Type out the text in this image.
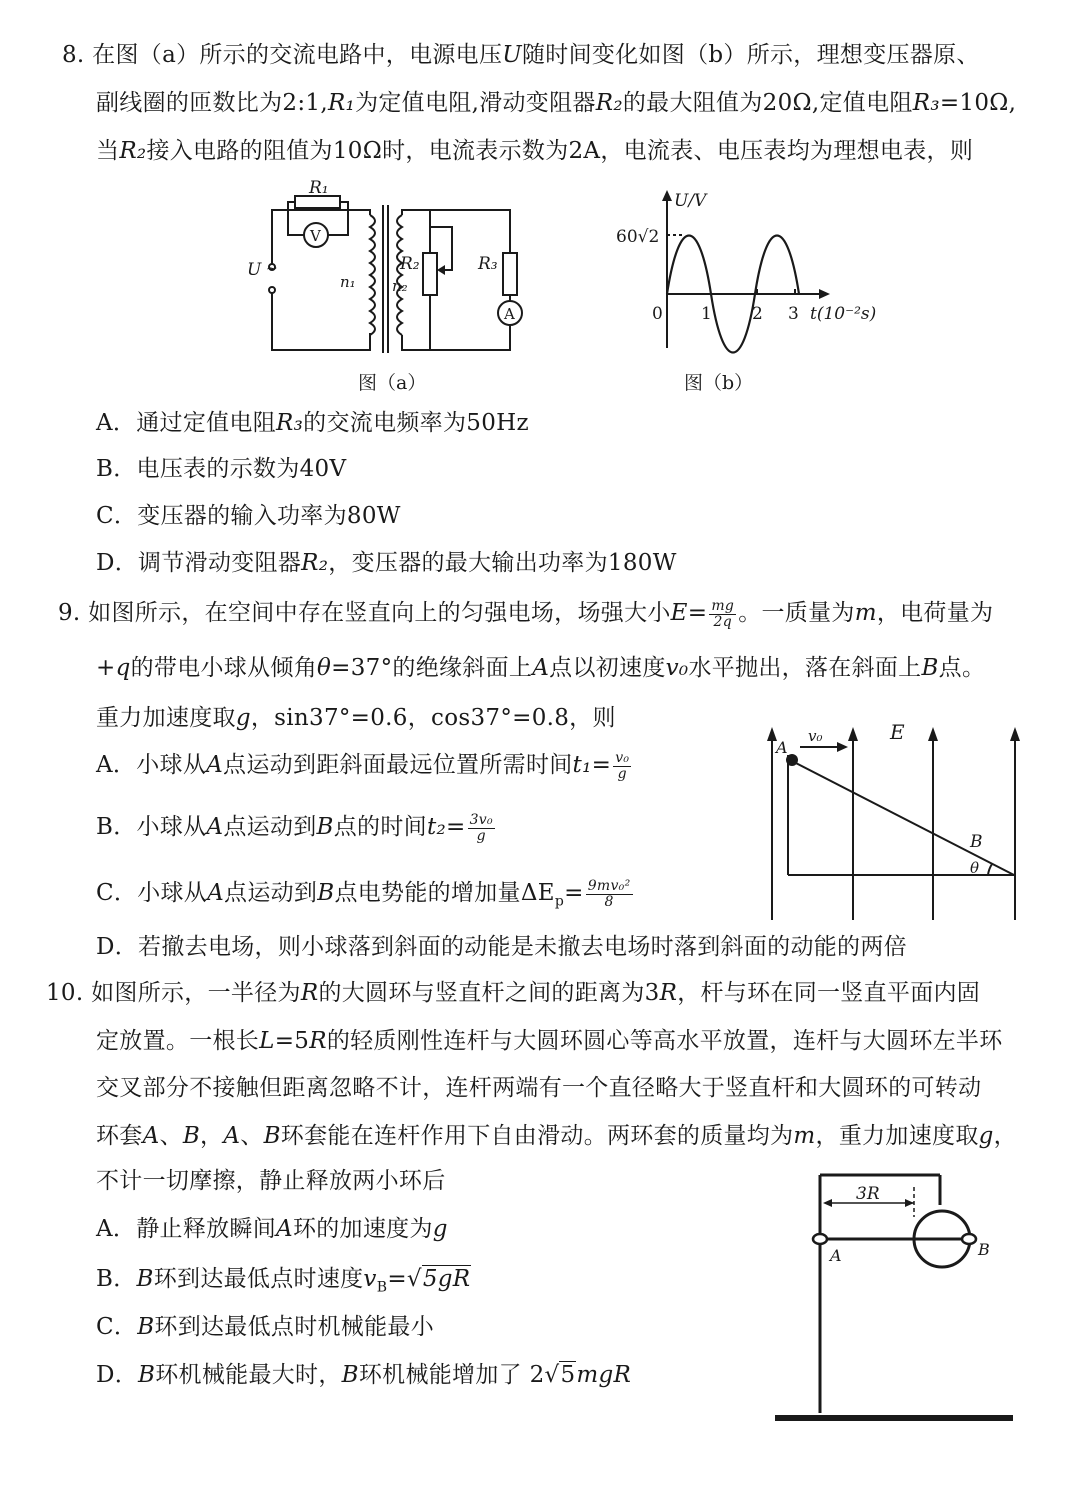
8. 在图（a）所示的交流电路中，电源电压U随时间变化如图（b）所示，理想变压器原、
副线圈的匝数比为2:1,R₁为定值电阻,滑动变阻器R₂的最大阻值为20Ω,定值电阻R₃=10Ω,
当R₂接入电路的阻值为10Ω时，电流表示数为2A，电流表、电压表均为理想电表，则
R₁
V
U ~
n₁ n₂
R₂	R₃
A
图（a）
U/V
60√2
0 1 2 3 t(10⁻²s)
图（b）
A．通过定值电阻R₃的交流电频率为50Hz
B．电压表的示数为40V
C．变压器的输入功率为80W
D．调节滑动变阻器R₂，变压器的最大输出功率为180W
9. 如图所示，在空间中存在竖直向上的匀强电场，场强大小$E= \frac{mg}{2q}$ 。一质量为m，电荷量为
+q的带电小球从倾角θ=37°的绝缘斜面上A点以初速度v₀水平抛出，落在斜面上B点。
重力加速度取g，sin37°=0.6，cos37°=0.8，则
A．小球从A点运动到距斜面最远位置所需时间$t_1= \frac{\text{v₀}}{g}$
B．小球从A点运动到B点的时间$t_2= \frac{\text{3v₀}}{g}$
C．小球从A点运动到B点电势能的增加量$\Delta E_p= \frac{\text{9mv₀²}}{8}$
D．若撤去电场，则小球落到斜面的动能是未撤去电场时落到斜面的动能的两倍
A
v₀	E
B
θ
10. 如图所示，一半径为R的大圆环与竖直杆之间的距离为3R，杆与环在同一竖直平面内固
定放置。一根长L=5R的轻质刚性连杆与大圆环圆心等高水平放置，连杆与大圆环左半环
交叉部分不接触但距离忽略不计，连杆两端有一个直径略大于竖直杆和大圆环的可转动
环套A、B，A、B环套能在连杆作用下自由滑动。两环套的质量均为m，重力加速度取g，
不计一切摩擦，静止释放两小环后
A．静止释放瞬间A环的加速度为g
B．B环到达最低点时速度$v_B=√5gR$
C．B环到达最低点时机械能最小
D．B环机械能最大时，B环机械能增加了 2√5mgR
3R
A	B
